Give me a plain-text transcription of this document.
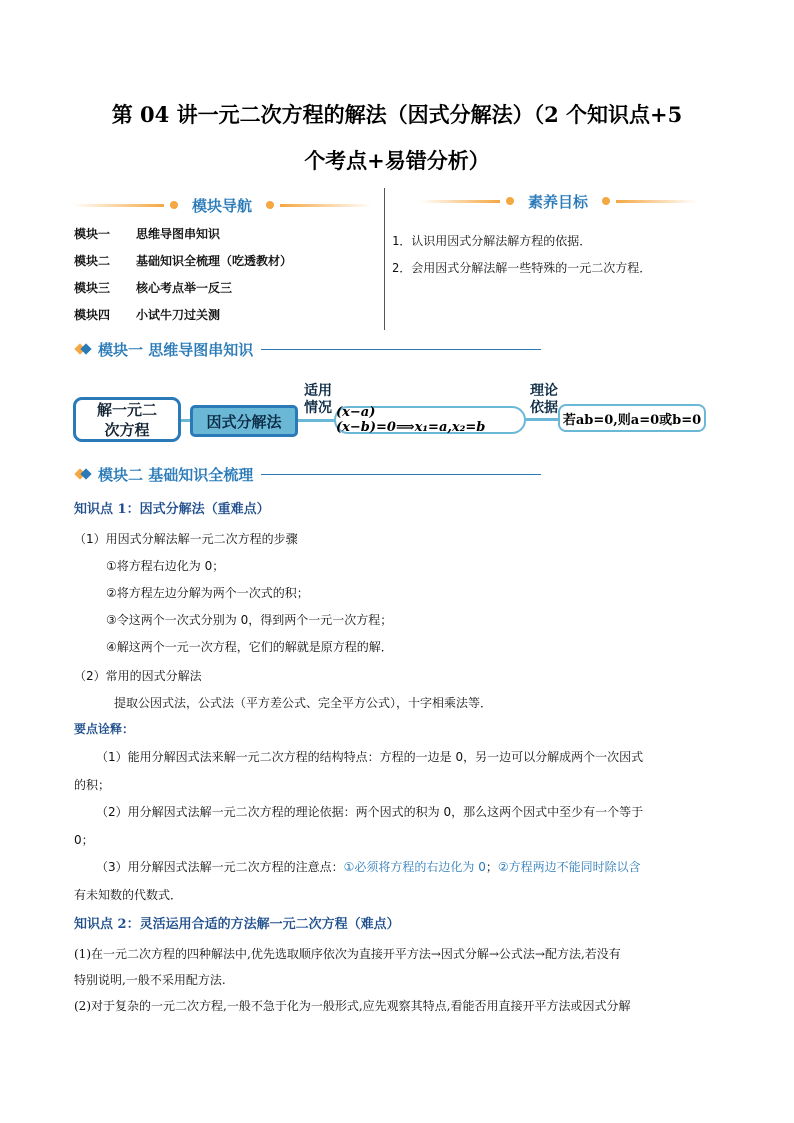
第 04 讲一元二次方程的解法（因式分解法）（2 个知识点+5
个考点+易错分析）
模块导航
模块一	思维导图串知识
模块二	基础知识全梳理（吃透教材）
模块三	核心考点举一反三
模块四	小试牛刀过关测
素养目标
1．认识用因式分解法解方程的依据．
2．会用因式分解法解一些特殊的一元二次方程．
模块一 思维导图串知识
解一元二
次方程	因式分解法
适用
情况 (x−a)(x−b)=0⟹x₁=a,x₂=b
理论
依据
若ab=0,则a=0或b=0
模块二 基础知识全梳理
知识点 1：因式分解法（重难点）
（1）用因式分解法解一元二次方程的步骤
①将方程右边化为 0；
②将方程左边分解为两个一次式的积；
③令这两个一次式分别为 0，得到两个一元一次方程；
④解这两个一元一次方程，它们的解就是原方程的解．
（2）常用的因式分解法
提取公因式法，公式法（平方差公式、完全平方公式），十字相乘法等．
要点诠释：
（1）能用分解因式法来解一元二次方程的结构特点：方程的一边是 0，另一边可以分解成两个一次因式
的积；
（2）用分解因式法解一元二次方程的理论依据：两个因式的积为 0，那么这两个因式中至少有一个等于
0；
（3）用分解因式法解一元二次方程的注意点：①必须将方程的右边化为 0；②方程两边不能同时除以含
有未知数的代数式．
知识点 2：灵活运用合适的方法解一元二次方程（难点）
(1)在一元二次方程的四种解法中,优先选取顺序依次为直接开平方法→因式分解→公式法→配方法,若没有
特别说明,一般不采用配方法.
(2)对于复杂的一元二次方程,一般不急于化为一般形式,应先观察其特点,看能否用直接开平方法或因式分解
